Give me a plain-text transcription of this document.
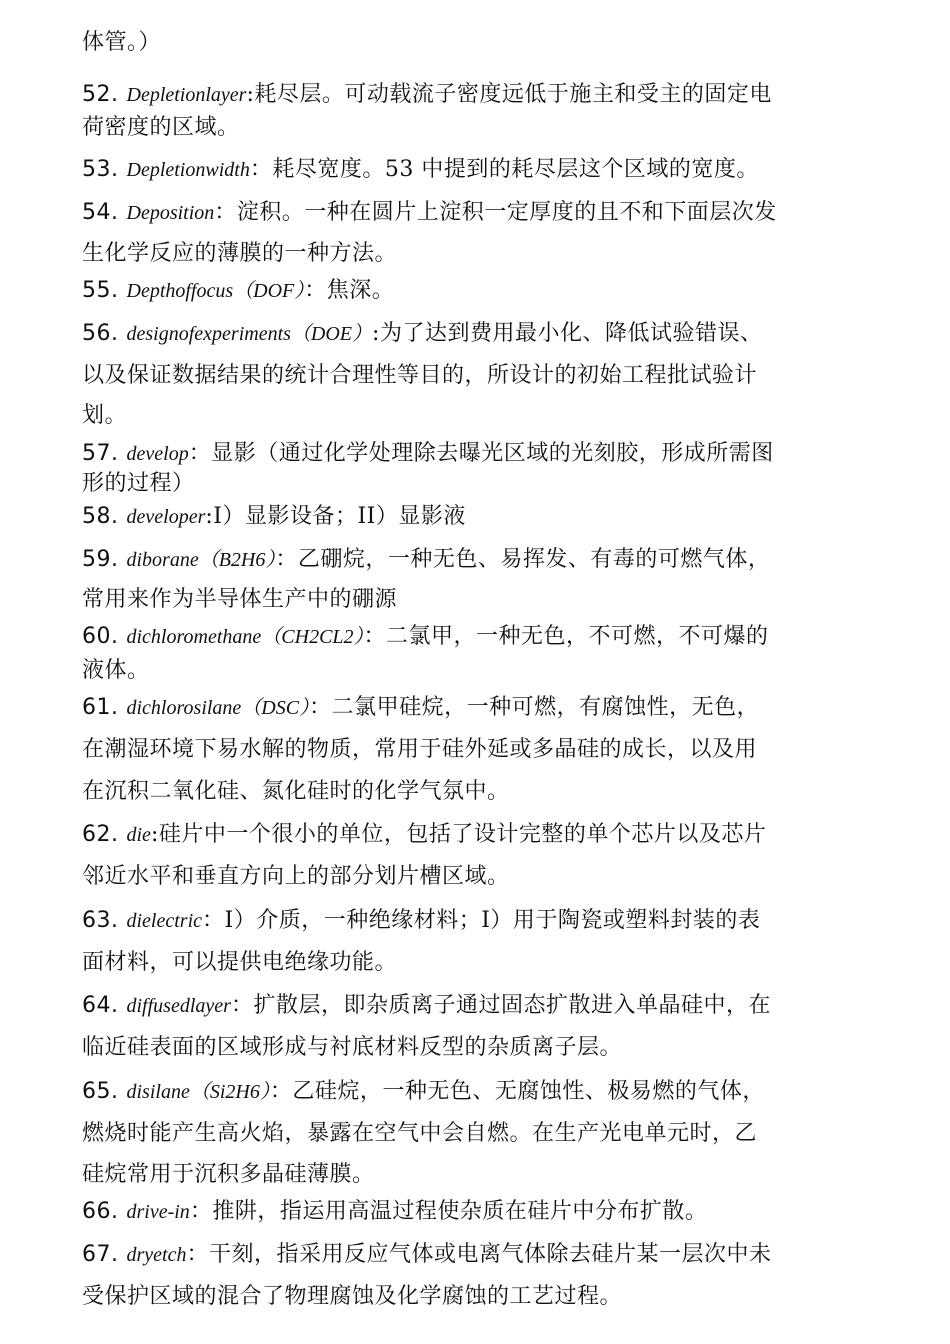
体管。）
52. Depletionlayer:耗尽层。可动载流子密度远低于施主和受主的固定电
荷密度的区域。
53. Depletionwidth：耗尽宽度。53 中提到的耗尽层这个区域的宽度。
54. Deposition：淀积。一种在圆片上淀积一定厚度的且不和下面层次发
生化学反应的薄膜的一种方法。
55. Depthoffocus（DOF）：焦深。
56. designofexperiments（DOE）:为了达到费用最小化、降低试验错误、
以及保证数据结果的统计合理性等目的，所设计的初始工程批试验计
划。
57. develop：显影（通过化学处理除去曝光区域的光刻胶，形成所需图
形的过程）
58. developer:I）显影设备；II）显影液
59. diborane（B2H6）：乙硼烷，一种无色、易挥发、有毒的可燃气体，
常用来作为半导体生产中的硼源
60. dichloromethane（CH2CL2）：二氯甲，一种无色，不可燃，不可爆的
液体。
61. dichlorosilane（DSC）：二氯甲硅烷，一种可燃，有腐蚀性，无色，
在潮湿环境下易水解的物质，常用于硅外延或多晶硅的成长，以及用
在沉积二氧化硅、氮化硅时的化学气氛中。
62. die:硅片中一个很小的单位，包括了设计完整的单个芯片以及芯片
邻近水平和垂直方向上的部分划片槽区域。
63. dielectric：I）介质，一种绝缘材料；I）用于陶瓷或塑料封装的表
面材料，可以提供电绝缘功能。
64. diffusedlayer：扩散层，即杂质离子通过固态扩散进入单晶硅中，在
临近硅表面的区域形成与衬底材料反型的杂质离子层。
65. disilane（Si2H6）：乙硅烷，一种无色、无腐蚀性、极易燃的气体，
燃烧时能产生高火焰，暴露在空气中会自燃。在生产光电单元时，乙
硅烷常用于沉积多晶硅薄膜。
66. drive-in：推阱，指运用高温过程使杂质在硅片中分布扩散。
67. dryetch：干刻，指采用反应气体或电离气体除去硅片某一层次中未
受保护区域的混合了物理腐蚀及化学腐蚀的工艺过程。
